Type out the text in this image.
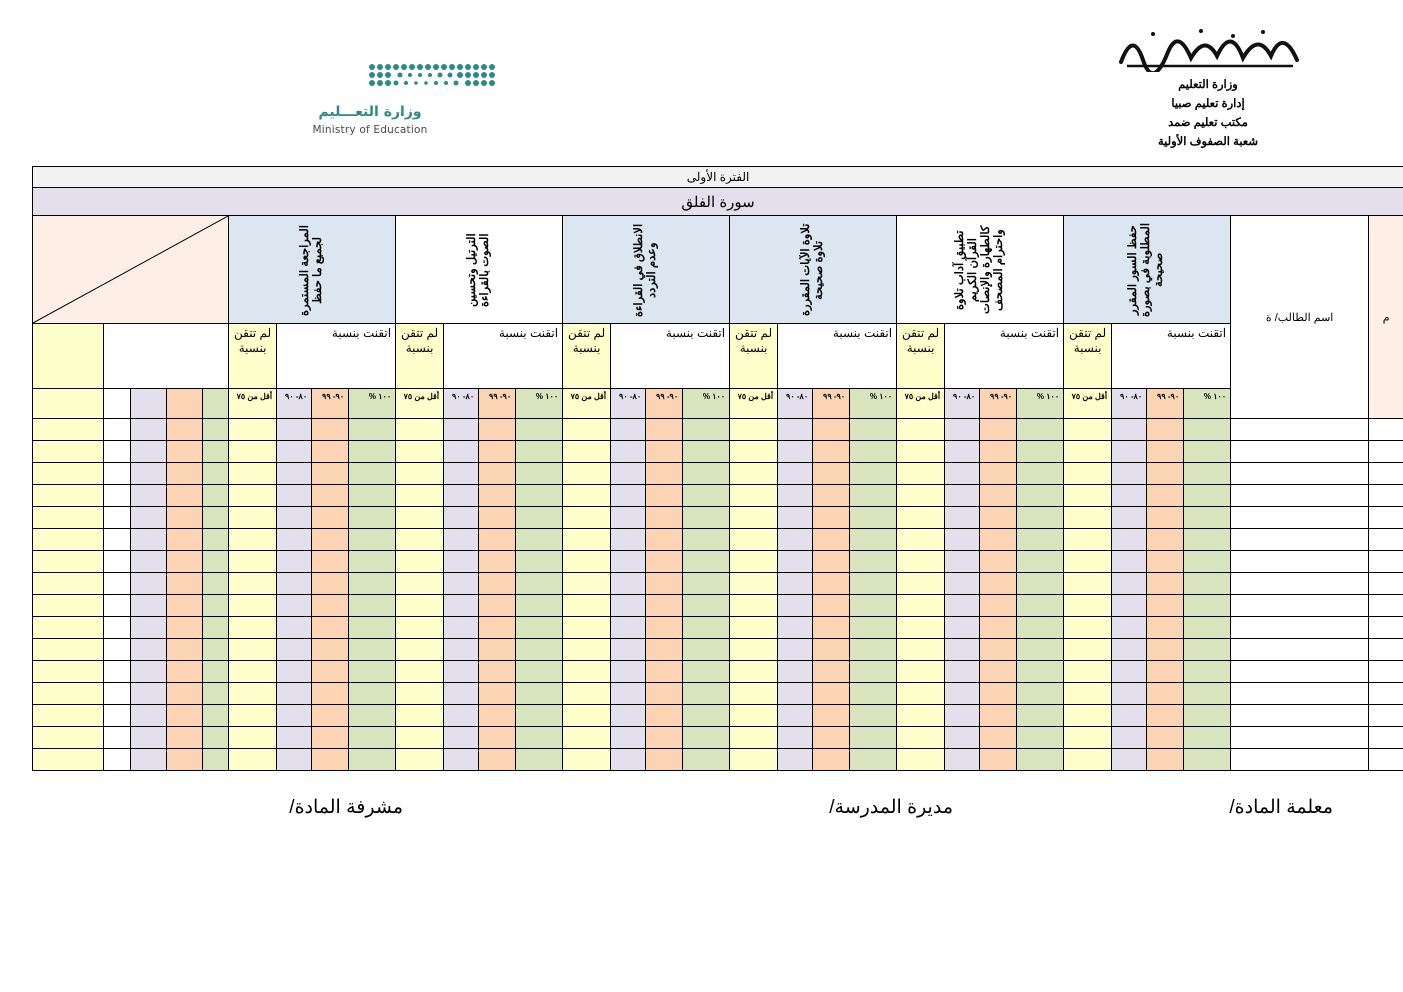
وزارة التعليم
إدارة تعليم صبيا
مكتب تعليم ضمد
شعبة الصفوف الأولية
وزارة التعـــليم
Ministry of Education
الفترة الأولى																														
سورة الفلق																														
م	اسم الطالب/ ة	حفظ السور المقرر المطلوبة في بصورة صحيحة				تطبيق آداب تلاوة القرآن الكريم كالطهارة والإنصات واحترام المصحف				تلاوة الآيات المقررة تلاوة صحيحة				الانطلاق في القراءة وعدم التردد				الترتيل وتحسين الصوت بالقراءة				المراجعة المستمرة لجميع ما حفظ

		اتقنت بنسبة			لم تتقن بنسبة	اتقنت بنسبة			لم تتقن بنسبة	اتقنت بنسبة			لم تتقن بنسبة	اتقنت بنسبة			لم تتقن بنسبة	اتقنت بنسبة			لم تتقن بنسبة	اتقنت بنسبة			لم تتقن بنسبة					
		١٠٠ %	٩٠- ٩٩	٨٠- ٩٠	أقل من ٧٥	١٠٠ %	٩٠- ٩٩	٨٠- ٩٠	أقل من ٧٥	١٠٠ %	٩٠- ٩٩	٨٠- ٩٠	أقل من ٧٥	١٠٠ %	٩٠- ٩٩	٨٠- ٩٠	أقل من ٧٥	١٠٠ %	٩٠- ٩٩	٨٠- ٩٠	أقل من ٧٥	١٠٠ %	٩٠- ٩٩	٨٠- ٩٠	أقل من ٧٥					

معلمة المادة/
مديرة المدرسة/
مشرفة المادة/
